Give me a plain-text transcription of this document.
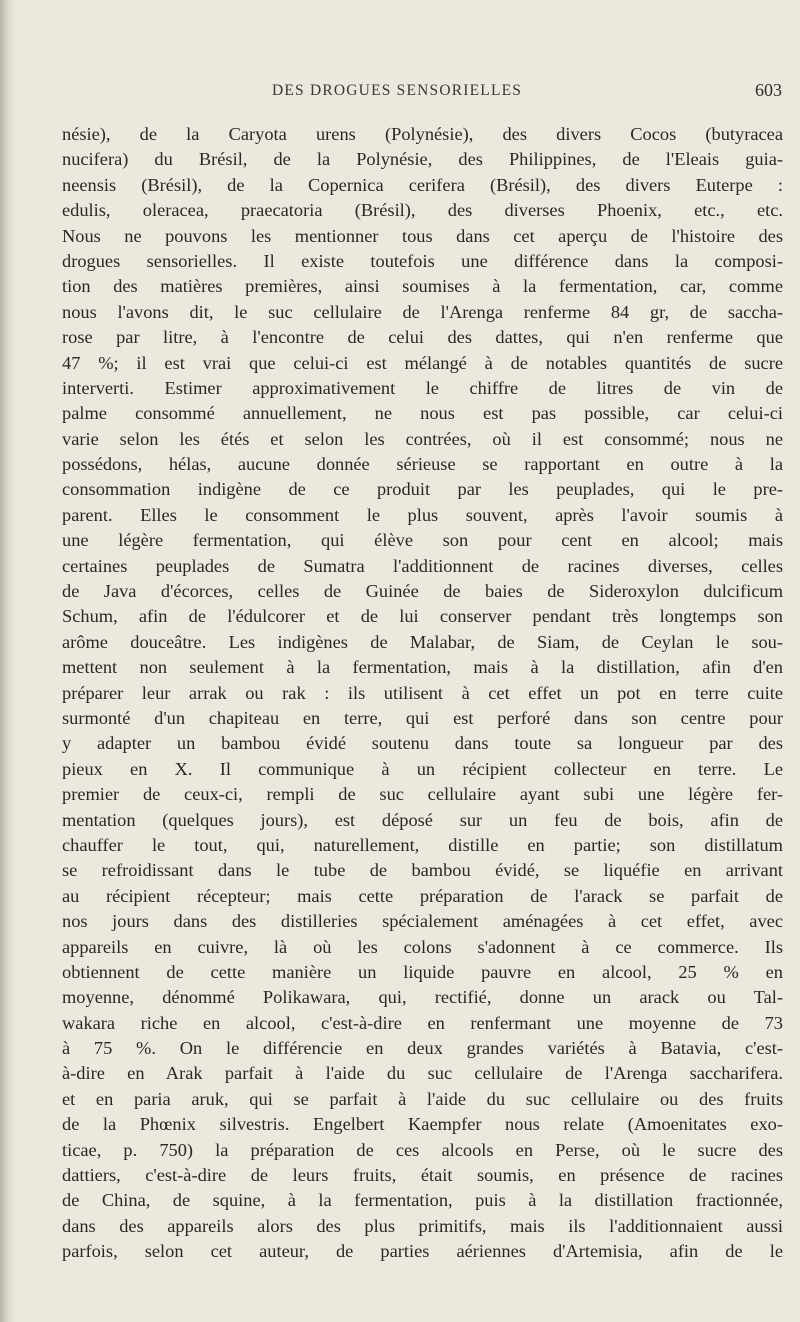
DES DROGUES SENSORIELLES	603
nésie), de la Caryota urens (Polynésie), des divers Cocos (butyracea
nucifera) du Brésil, de la Polynésie, des Philippines, de l'Eleais guia-
neensis (Brésil), de la Copernica cerifera (Brésil), des divers Euterpe :
edulis, oleracea, praecatoria (Brésil), des diverses Phoenix, etc., etc.
Nous ne pouvons les mentionner tous dans cet aperçu de l'histoire des
drogues sensorielles. Il existe toutefois une différence dans la composi-
tion des matières premières, ainsi soumises à la fermentation, car, comme
nous l'avons dit, le suc cellulaire de l'Arenga renferme 84 gr, de saccha-
rose par litre, à l'encontre de celui des dattes, qui n'en renferme que
47 %; il est vrai que celui-ci est mélangé à de notables quantités de sucre
interverti. Estimer approximativement le chiffre de litres de vin de
palme consommé annuellement, ne nous est pas possible, car celui-ci
varie selon les étés et selon les contrées, où il est consommé; nous ne
possédons, hélas, aucune donnée sérieuse se rapportant en outre à la
consommation indigène de ce produit par les peuplades, qui le pre-
parent. Elles le consomment le plus souvent, après l'avoir soumis à
une légère fermentation, qui élève son pour cent en alcool; mais
certaines peuplades de Sumatra l'additionnent de racines diverses, celles
de Java d'écorces, celles de Guinée de baies de Sideroxylon dulcificum
Schum, afin de l'édulcorer et de lui conserver pendant très longtemps son
arôme douceâtre. Les indigènes de Malabar, de Siam, de Ceylan le sou-
mettent non seulement à la fermentation, mais à la distillation, afin d'en
préparer leur arrak ou rak : ils utilisent à cet effet un pot en terre cuite
surmonté d'un chapiteau en terre, qui est perforé dans son centre pour
y adapter un bambou évidé soutenu dans toute sa longueur par des
pieux en X. Il communique à un récipient collecteur en terre. Le
premier de ceux-ci, rempli de suc cellulaire ayant subi une légère fer-
mentation (quelques jours), est déposé sur un feu de bois, afin de
chauffer le tout, qui, naturellement, distille en partie; son distillatum
se refroidissant dans le tube de bambou évidé, se liquéfie en arrivant
au récipient récepteur; mais cette préparation de l'arack se parfait de
nos jours dans des distilleries spécialement aménagées à cet effet, avec
appareils en cuivre, là où les colons s'adonnent à ce commerce. Ils
obtiennent de cette manière un liquide pauvre en alcool, 25 % en
moyenne, dénommé Polikawara, qui, rectifié, donne un arack ou Tal-
wakara riche en alcool, c'est-à-dire en renfermant une moyenne de 73
à 75 %. On le différencie en deux grandes variétés à Batavia, c'est-
à-dire en Arak parfait à l'aide du suc cellulaire de l'Arenga saccharifera.
et en paria aruk, qui se parfait à l'aide du suc cellulaire ou des fruits
de la Phœnix silvestris. Engelbert Kaempfer nous relate (Amoenitates exo-
ticae, p. 750) la préparation de ces alcools en Perse, où le sucre des
dattiers, c'est-à-dire de leurs fruits, était soumis, en présence de racines
de China, de squine, à la fermentation, puis à la distillation fractionnée,
dans des appareils alors des plus primitifs, mais ils l'additionnaient aussi
parfois, selon cet auteur, de parties aériennes d'Artemisia, afin de le
